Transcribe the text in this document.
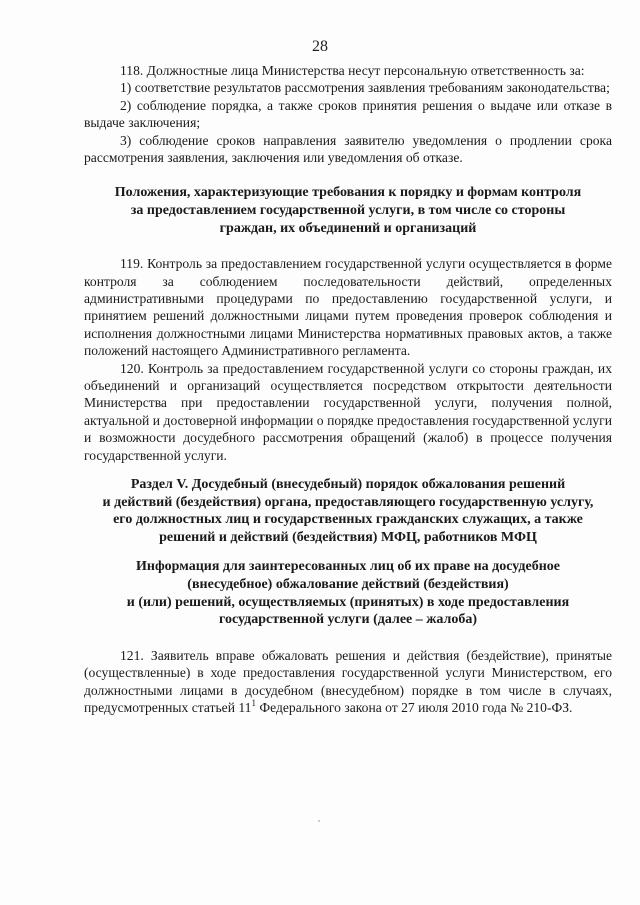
28

118. Должностные лица Министерства несут персональную ответственность за:

1) соответствие результатов рассмотрения заявления требованиям законодательства;

2) соблюдение порядка, а также сроков принятия решения о выдаче или отказе в выдаче заключения;

3) соблюдение сроков направления заявителю уведомления о продлении срока рассмотрения заявления, заключения или уведомления об отказе.

Положения, характеризующие требования к порядку и формам контроля
за предоставлением государственной услуги, в том числе со стороны
граждан, их объединений и организаций

119. Контроль за предоставлением государственной услуги осуществляется в форме контроля за соблюдением последовательности действий, определенных административными процедурами по предоставлению государственной услуги, и принятием решений должностными лицами путем проведения проверок соблюдения и исполнения должностными лицами Министерства нормативных правовых актов, а также положений настоящего Административного регламента.

120. Контроль за предоставлением государственной услуги со стороны граждан, их объединений и организаций осуществляется посредством открытости деятельности Министерства при предоставлении государственной услуги, получения полной, актуальной и достоверной информации о порядке предоставления государственной услуги и возможности досудебного рассмотрения обращений (жалоб) в процессе получения государственной услуги.

Раздел V. Досудебный (внесудебный) порядок обжалования решений
и действий (бездействия) органа, предоставляющего государственную услугу,
его должностных лиц и государственных гражданских служащих, а также
решений и действий (бездействия) МФЦ, работников МФЦ
Информация для заинтересованных лиц об их праве на досудебное
(внесудебное) обжалование действий (бездействия)
и (или) решений, осуществляемых (принятых) в ходе предоставления
государственной услуги (далее – жалоба)

121. Заявитель вправе обжаловать решения и действия (бездействие), принятые (осуществленные) в ходе предоставления государственной услуги Министерством, его должностными лицами в досудебном (внесудебном) порядке в том числе в случаях, предусмотренных статьей $11^1$ Федерального закона от 27 июля 2010 года № 210-ФЗ.
